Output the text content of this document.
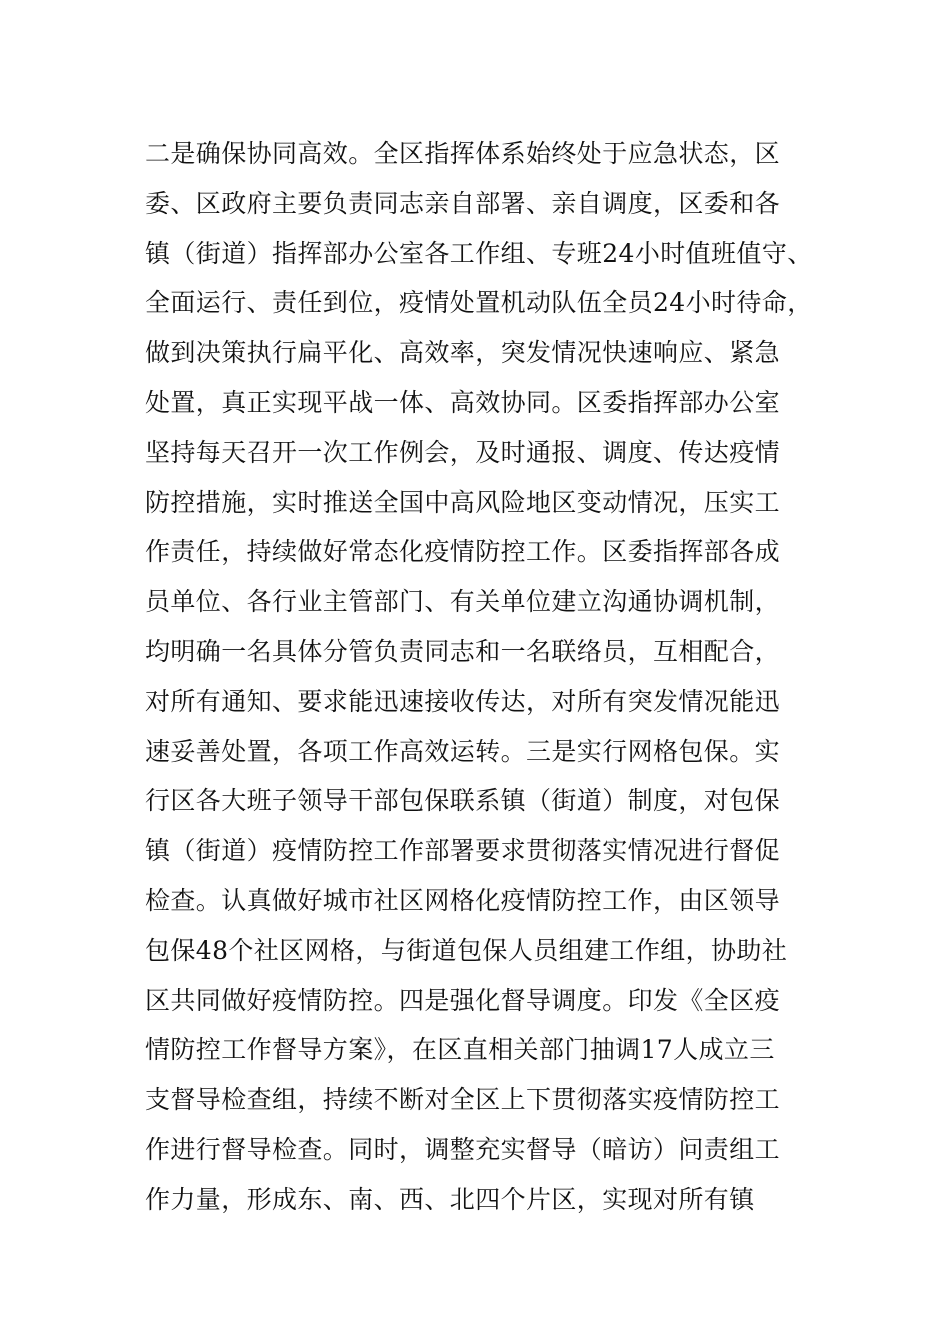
二是确保协同高效。全区指挥体系始终处于应急状态，区
委、区政府主要负责同志亲自部署、亲自调度，区委和各
镇（街道）指挥部办公室各工作组、专班24小时值班值守、
全面运行、责任到位，疫情处置机动队伍全员24小时待命，
做到决策执行扁平化、高效率，突发情况快速响应、紧急
处置，真正实现平战一体、高效协同。区委指挥部办公室
坚持每天召开一次工作例会，及时通报、调度、传达疫情
防控措施，实时推送全国中高风险地区变动情况，压实工
作责任，持续做好常态化疫情防控工作。区委指挥部各成
员单位、各行业主管部门、有关单位建立沟通协调机制，
均明确一名具体分管负责同志和一名联络员，互相配合，
对所有通知、要求能迅速接收传达，对所有突发情况能迅
速妥善处置，各项工作高效运转。三是实行网格包保。实
行区各大班子领导干部包保联系镇（街道）制度，对包保
镇（街道）疫情防控工作部署要求贯彻落实情况进行督促
检查。认真做好城市社区网格化疫情防控工作，由区领导
包保48个社区网格，与街道包保人员组建工作组，协助社
区共同做好疫情防控。四是强化督导调度。印发《全区疫
情防控工作督导方案》，在区直相关部门抽调17人成立三
支督导检查组，持续不断对全区上下贯彻落实疫情防控工
作进行督导检查。同时，调整充实督导（暗访）问责组工
作力量，形成东、南、西、北四个片区，实现对所有镇
